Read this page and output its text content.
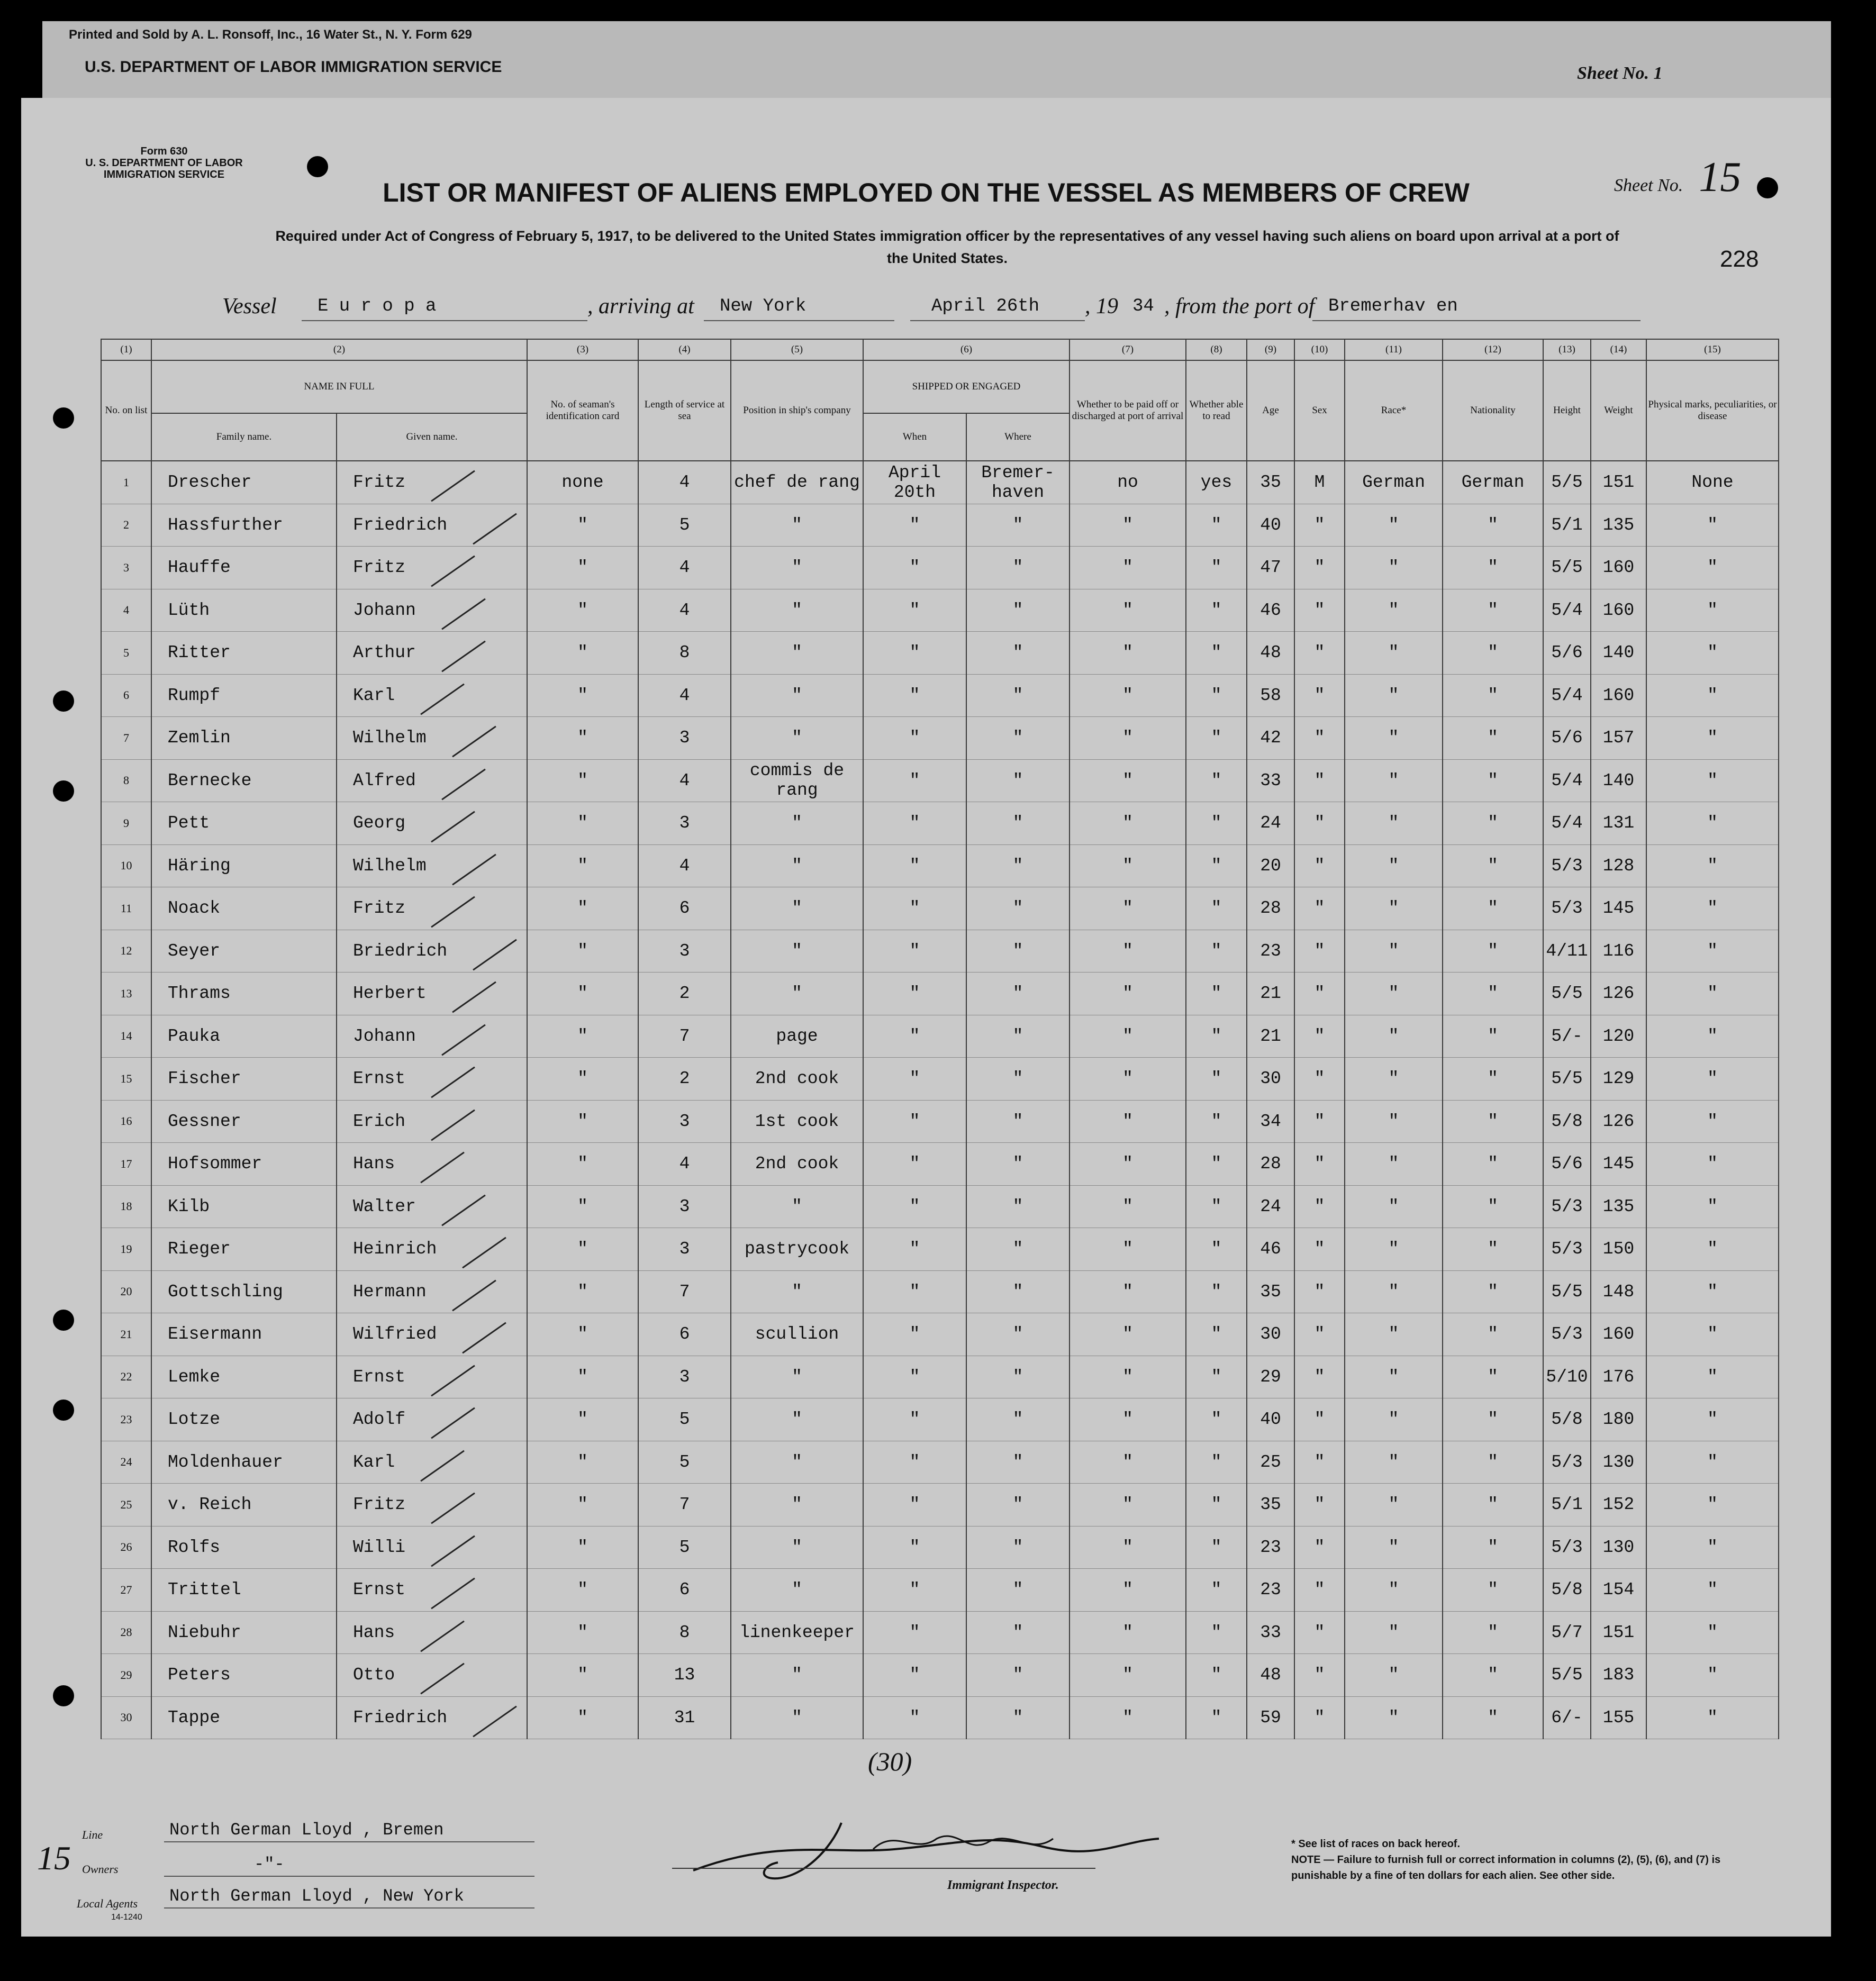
Printed and Sold by A. L. Ronsoff, Inc., 16 Water St., N. Y. Form 629
U.S. DEPARTMENT OF LABOR IMMIGRATION SERVICE	Sheet No. 1
Form 630
U. S. DEPARTMENT OF LABOR
IMMIGRATION SERVICE
LIST OR MANIFEST OF ALIENS EMPLOYED ON THE VESSEL AS MEMBERS OF CREW
Required under Act of Congress of February 5, 1917, to be delivered to the United States immigration officer by the representatives of any vessel having such aliens on board upon arrival at a port of the United States.
Sheet No. 15
228
Vessel E u r o p a	, arriving at New York	April 26th , 19 34 , from the port of Bremerhav en
(1)	(2)		(3)	(4)	(5)	(6)		(7)	(8)	(9)	(10)	(11)	(12)	(13)	(14)	(15)
No. on list	NAME IN FULL		No. of seaman's identification card	Length of service at sea	Position in ship's company	SHIPPED OR ENGAGED		Whether to be paid off or discharged at port of arrival	Whether able to read	Age	Sex	Race*	Nationality	Height	Weight	Physical marks, peculiarities, or disease
	Family name.	Given name.				When	Where									
1	Drescher	Fritz	none	4	chef de rang	April 20th	Bremer- haven	no	yes	35	M	German	German	5/5	151	None
2	Hassfurther	Friedrich	"	5	"	"	"	"	"	40	"	"	"	5/1	135	"
3	Hauffe	Fritz	"	4	"	"	"	"	"	47	"	"	"	5/5	160	"
4	Lüth	Johann	"	4	"	"	"	"	"	46	"	"	"	5/4	160	"
5	Ritter	Arthur	"	8	"	"	"	"	"	48	"	"	"	5/6	140	"
6	Rumpf	Karl	"	4	"	"	"	"	"	58	"	"	"	5/4	160	"
7	Zemlin	Wilhelm	"	3	"	"	"	"	"	42	"	"	"	5/6	157	"
8	Bernecke	Alfred	"	4	commis de rang	"	"	"	"	33	"	"	"	5/4	140	"
9	Pett	Georg	"	3	"	"	"	"	"	24	"	"	"	5/4	131	"
10	Häring	Wilhelm	"	4	"	"	"	"	"	20	"	"	"	5/3	128	"
11	Noack	Fritz	"	6	"	"	"	"	"	28	"	"	"	5/3	145	"
12	Seyer	Briedrich	"	3	"	"	"	"	"	23	"	"	"	4/11	116	"
13	Thrams	Herbert	"	2	"	"	"	"	"	21	"	"	"	5/5	126	"
14	Pauka	Johann	"	7	page	"	"	"	"	21	"	"	"	5/-	120	"
15	Fischer	Ernst	"	2	2nd cook	"	"	"	"	30	"	"	"	5/5	129	"
16	Gessner	Erich	"	3	1st cook	"	"	"	"	34	"	"	"	5/8	126	"
17	Hofsommer	Hans	"	4	2nd cook	"	"	"	"	28	"	"	"	5/6	145	"
18	Kilb	Walter	"	3	"	"	"	"	"	24	"	"	"	5/3	135	"
19	Rieger	Heinrich	"	3	pastrycook	"	"	"	"	46	"	"	"	5/3	150	"
20	Gottschling	Hermann	"	7	"	"	"	"	"	35	"	"	"	5/5	148	"
21	Eisermann	Wilfried	"	6	scullion	"	"	"	"	30	"	"	"	5/3	160	"
22	Lemke	Ernst	"	3	"	"	"	"	"	29	"	"	"	5/10	176	"
23	Lotze	Adolf	"	5	"	"	"	"	"	40	"	"	"	5/8	180	"
24	Moldenhauer	Karl	"	5	"	"	"	"	"	25	"	"	"	5/3	130	"
25	v. Reich	Fritz	"	7	"	"	"	"	"	35	"	"	"	5/1	152	"
26	Rolfs	Willi	"	5	"	"	"	"	"	23	"	"	"	5/3	130	"
27	Trittel	Ernst	"	6	"	"	"	"	"	23	"	"	"	5/8	154	"
28	Niebuhr	Hans	"	8	linenkeeper	"	"	"	"	33	"	"	"	5/7	151	"
29	Peters	Otto	"	13	"	"	"	"	"	48	"	"	"	5/5	183	"
30	Tappe	Friedrich	"	31	"	"	"	"	"	59	"	"	"	6/-	155	"
(30)
Immigrant Inspector.
Line	North German Lloyd , Bremen
Owners	-"-
Local Agents North German Lloyd , New York
14-1240
* See list of races on back hereof.
NOTE — Failure to furnish full or correct information in columns (2), (5), (6), and (7) is punishable by a fine of ten dollars for each alien. See other side.
15
